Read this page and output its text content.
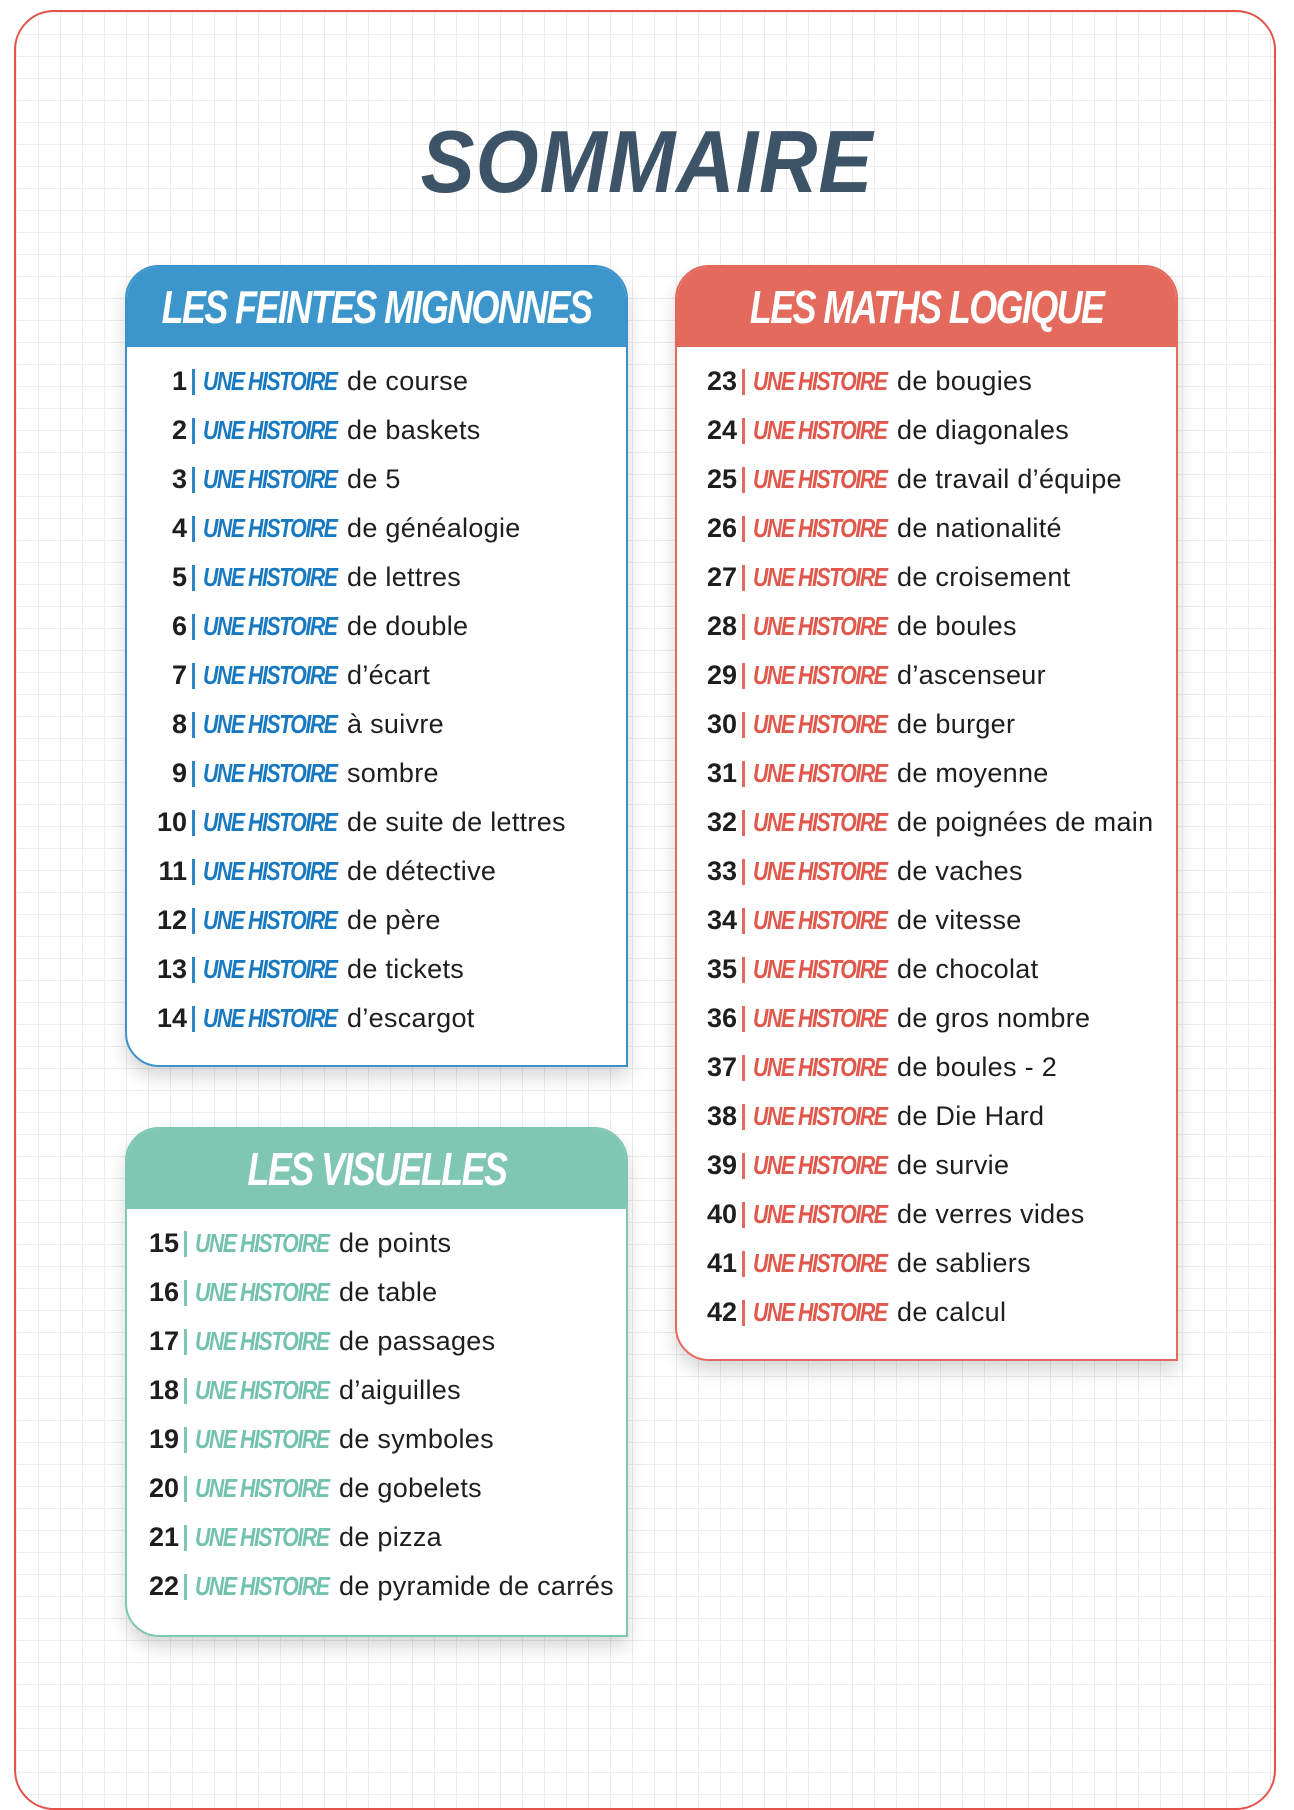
SOMMAIRE
LES FEINTES MIGNONNES
1 UNE HISTOIRE de course
2 UNE HISTOIRE de baskets
3 UNE HISTOIRE de 5
4 UNE HISTOIRE de généalogie
5 UNE HISTOIRE de lettres
6 UNE HISTOIRE de double
7 UNE HISTOIRE d’écart
8 UNE HISTOIRE à suivre
9 UNE HISTOIRE sombre
10 UNE HISTOIRE de suite de lettres
11 UNE HISTOIRE de détective
12 UNE HISTOIRE de père
13 UNE HISTOIRE de tickets
14 UNE HISTOIRE d’escargot
LES VISUELLES
15 UNE HISTOIRE de points
16 UNE HISTOIRE de table
17 UNE HISTOIRE de passages
18 UNE HISTOIRE d’aiguilles
19 UNE HISTOIRE de symboles
20 UNE HISTOIRE de gobelets
21 UNE HISTOIRE de pizza
22 UNE HISTOIRE de pyramide de carrés
LES MATHS LOGIQUE
23 UNE HISTOIRE de bougies
24 UNE HISTOIRE de diagonales
25 UNE HISTOIRE de travail d’équipe
26 UNE HISTOIRE de nationalité
27 UNE HISTOIRE de croisement
28 UNE HISTOIRE de boules
29 UNE HISTOIRE d’ascenseur
30 UNE HISTOIRE de burger
31 UNE HISTOIRE de moyenne
32 UNE HISTOIRE de poignées de main
33 UNE HISTOIRE de vaches
34 UNE HISTOIRE de vitesse
35 UNE HISTOIRE de chocolat
36 UNE HISTOIRE de gros nombre
37 UNE HISTOIRE de boules - 2
38 UNE HISTOIRE de Die Hard
39 UNE HISTOIRE de survie
40 UNE HISTOIRE de verres vides
41 UNE HISTOIRE de sabliers
42 UNE HISTOIRE de calcul
